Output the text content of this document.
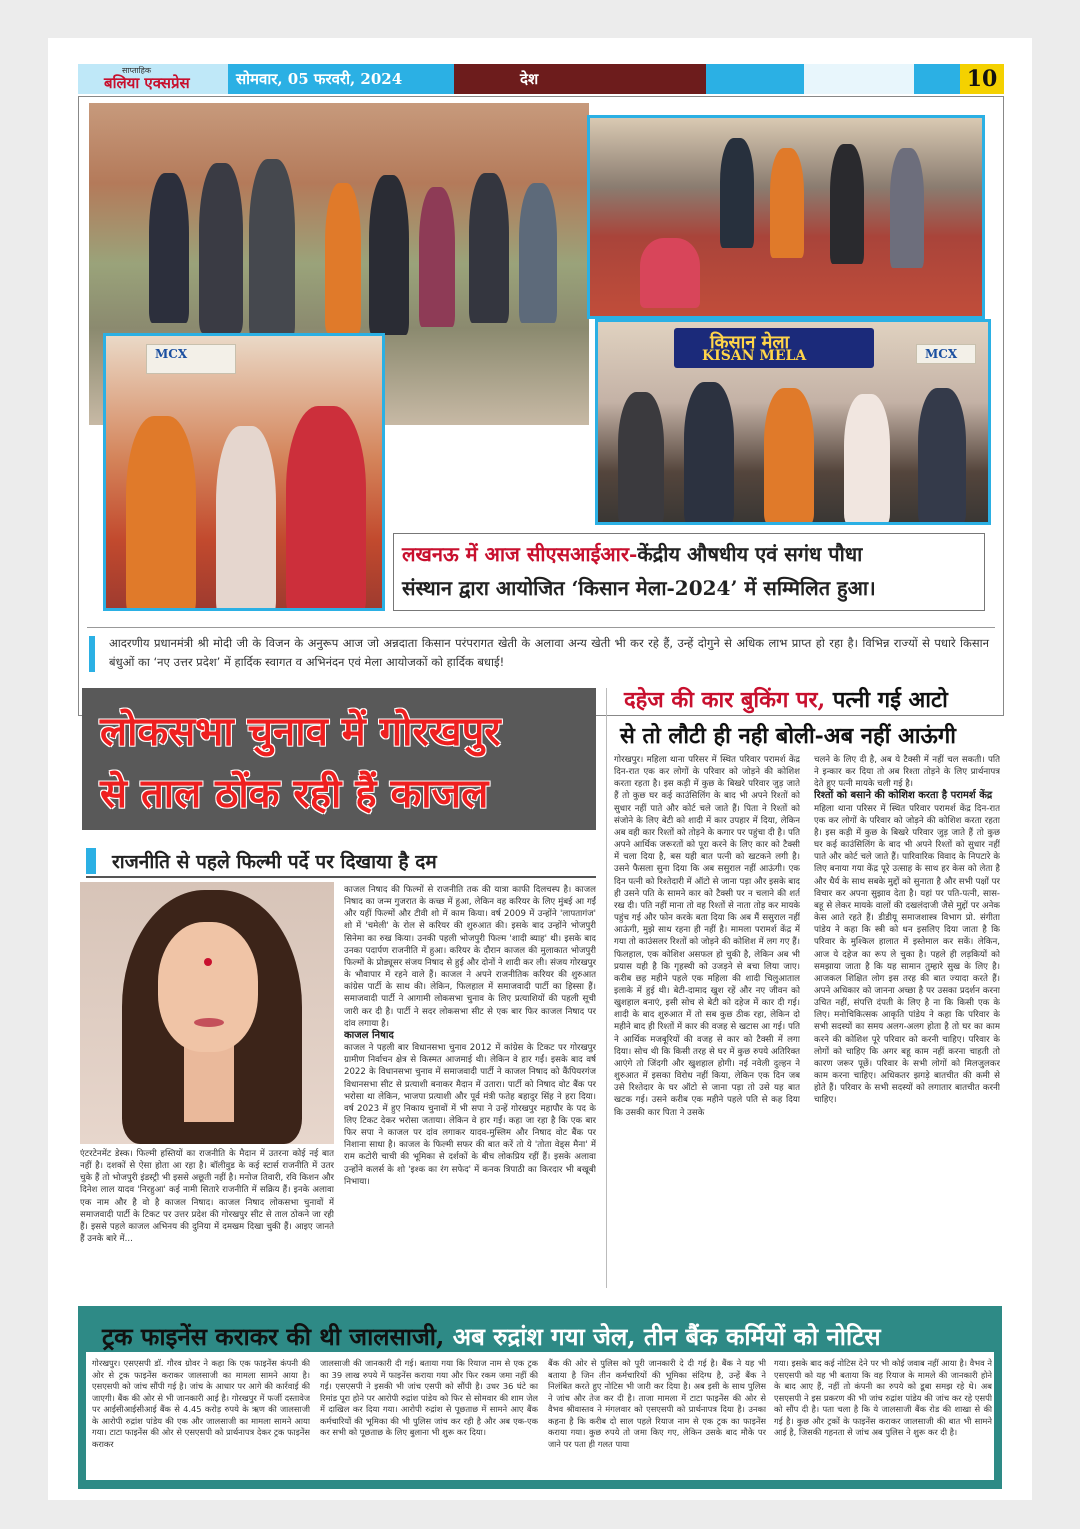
साप्ताहिक
बलिया एक्सप्रेस	सोमवार, 05 फरवरी, 2024	देश	10
किसान मेला
KISAN MELA	MCX
MCX
लखनऊ में आज सीएसआईआर-केंद्रीय औषधीय एवं सगंध पौधा
संस्थान द्वारा आयोजित ‘किसान मेला-2024’ में सम्मिलित हुआ।
आदरणीय प्रधानमंत्री श्री मोदी जी के विजन के अनुरूप आज जो अन्नदाता किसान परंपरागत खेती के अलावा अन्य खेती भी कर रहे हैं, उन्हें दोगुने से अधिक लाभ प्राप्त हो रहा है। विभिन्न राज्यों से पधारे किसान बंधुओं का ‘नए उत्तर प्रदेश’ में हार्दिक स्वागत व अभिनंदन एवं मेला आयोजकों को हार्दिक बधाई!
लोकसभा चुनाव में गोरखपुर
से ताल ठोंक रही हैं काजल
राजनीति से पहले फिल्मी पर्दे पर दिखाया है दम
एंटरटेनमेंट डेस्क। फिल्मी हस्तियों का राजनीति के मैदान में उतरना कोई नई बात नहीं है। दशकों से ऐसा होता आ रहा है। बॉलीवुड के कई स्टार्स राजनीति में उतर चुके हैं तो भोजपुरी इंडस्ट्री भी इससे अछूती नहीं है। मनोज तिवारी, रवि किशन और दिनेश लाल यादव 'निरहुआ' कई नामी सितारे राजनीति में सक्रिय हैं। इनके अलावा एक नाम और है वो है काजल निषाद। काजल निषाद लोकसभा चुनावों में समाजवादी पार्टी के टिकट पर उत्तर प्रदेश की गोरखपुर सीट से ताल ठोकने जा रही हैं। इससे पहले काजल अभिनय की दुनिया में दमखम दिखा चुकी हैं। आइए जानते हैं उनके बारे में...
काजल निषाद की फिल्मों से राजनीति तक की यात्रा काफी दिलचस्प है। काजल निषाद का जन्म गुजरात के कच्छ में हुआ, लेकिन वह करियर के लिए मुंबई आ गईं और यहीं फिल्मों और टीवी शो में काम किया। वर्ष 2009 में उन्होंने 'लापतागंज' शो में 'चमेली' के रोल से करियर की शुरुआत की। इसके बाद उन्होंने भोजपुरी सिनेमा का रुख किया। उनकी पहली भोजपुरी फिल्म 'शादी ब्याह' थी। इसके बाद उनका पदार्पण राजनीति में हुआ। करियर के दौरान काजल की मुलाकात भोजपुरी फिल्मों के प्रोड्यूसर संजय निषाद से हुई और दोनों ने शादी कर ली। संजय गोरखपुर के भौवापार में रहने वाले हैं। काजल ने अपने राजनीतिक करियर की शुरुआत कांग्रेस पार्टी के साथ की। लेकिन, फिलहाल में समाजवादी पार्टी का हिस्सा हैं। समाजवादी पार्टी ने आगामी लोकसभा चुनाव के लिए प्रत्याशियों की पहली सूची जारी कर दी है। पार्टी ने सदर लोकसभा सीट से एक बार फिर काजल निषाद पर दांव लगाया है।
काजल निषाद
काजल ने पहली बार विधानसभा चुनाव 2012 में कांग्रेस के टिकट पर गोरखपुर ग्रामीण निर्वाचन क्षेत्र से किस्मत आजमाई थी। लेकिन वे हार गईं। इसके बाद वर्ष 2022 के विधानसभा चुनाव में समाजवादी पार्टी ने काजल निषाद को कैंपियरगंज विधानसभा सीट से प्रत्याशी बनाकर मैदान में उतारा। पार्टी को निषाद वोट बैंक पर भरोसा था लेकिन, भाजपा प्रत्याशी और पूर्व मंत्री फतेह बहादुर सिंह ने हरा दिया। वर्ष 2023 में हुए निकाय चुनावों में भी सपा ने उन्हें गोरखपुर महापौर के पद के लिए टिकट देकर भरोसा जताया। लेकिन वे हार गईं। कहा जा रहा है कि एक बार फिर सपा ने काजल पर दांव लगाकर यादव-मुस्लिम और निषाद वोट बैंक पर निशाना साधा है। काजल के फिल्मी सफर की बात करें तो ये 'तोता वेड्स मैना' में राम कटोरी चाची की भूमिका से दर्शकों के बीच लोकप्रिय रहीं हैं। इसके अलावा उन्होंने कलर्स के शो 'इश्क का रंग सफेद' में कनक त्रिपाठी का किरदार भी बखूबी निभाया।
दहेज की कार बुकिंग पर, पत्नी गई आटो
से तो लौटी ही नही बोली-अब नहीं आऊंगी
गोरखपुर। महिला थाना परिसर में स्थित परिवार परामर्श केंद्र दिन-रात एक कर लोगों के परिवार को जोड़ने की कोशिश करता रहता है। इस कड़ी में कुछ के बिखरे परिवार जुड़ जाते हैं तो कुछ घर कई काउंसिलिंग के बाद भी अपने रिश्तों को सुधार नहीं पाते और कोर्ट चले जाते हैं। पिता ने रिश्तों को संजोने के लिए बेटी को शादी में कार उपहार में दिया, लेकिन अब वही कार रिश्तों को तोड़ने के कगार पर पहुंचा दी है। पति अपने आर्थिक जरूरतों को पूरा करने के लिए कार को टैक्सी में चला दिया है, बस यही बात पत्नी को खटकने लगी है। उसने फैसला सुना दिया कि अब ससुराल नहीं आऊंगी। एक दिन पत्नी को रिश्तेदारी में ऑटो से जाना पड़ा और इसके बाद ही उसने पति के सामने कार को टैक्सी पर न चलाने की शर्त रख दी। पति नहीं माना तो वह रिश्तों से नाता तोड़ कर मायके पहुंच गई और फोन करके बता दिया कि अब मैं ससुराल नहीं आऊंगी, मुझे साथ रहना ही नहीं है। मामला परामर्श केंद्र में गया तो काउंसलर रिश्तों को जोड़ने की कोशिश में लग गए हैं। फिलहाल, एक कोशिश असफल हो चुकी है, लेकिन अब भी प्रयास यही है कि गृहस्थी को उजड़ने से बचा लिया जाए। करीब छह महीने पहले एक महिला की शादी चिलुआताल इलाके में हुई थी। बेटी-दामाद खुश रहें और नए जीवन को खुशहाल बनाएं, इसी सोच से बेटी को दहेज में कार दी गई। शादी के बाद शुरुआत में तो सब कुछ ठीक रहा, लेकिन दो महीने बाद ही रिश्तों में कार की वजह से खटास आ गई। पति ने आर्थिक मजबूरियों की वजह से कार को टैक्सी में लगा दिया। सोच थी कि किसी तरह से घर में कुछ रुपये अतिरिक्त आएंगे तो जिंदगी और खुशहाल होगी। नई नवेली दुल्हन ने शुरुआत में इसका विरोध नहीं किया, लेकिन एक दिन जब उसे रिश्तेदार के घर ऑटो से जाना पड़ा तो उसे यह बात खटक गई। उसने करीब एक महीने पहले पति से कह दिया कि उसकी कार पिता ने उसके
चलने के लिए दी है, अब ये टैक्सी में नहीं चल सकती। पति ने इन्कार कर दिया तो अब रिश्ता तोड़ने के लिए प्रार्थनापत्र देते हुए पत्नी मायके चली गई है।
रिश्तों को बसाने की कोशिश करता है परामर्श केंद्र
महिला थाना परिसर में स्थित परिवार परामर्श केंद्र दिन-रात एक कर लोगों के परिवार को जोड़ने की कोशिश करता रहता है। इस कड़ी में कुछ के बिखरे परिवार जुड़ जाते हैं तो कुछ घर कई काउंसिलिंग के बाद भी अपने रिश्तों को सुधार नहीं पाते और कोर्ट चले जाते हैं। पारिवारिक विवाद के निपटारे के लिए बनाया गया केंद्र पूरे उत्साह के साथ हर केस को लेता है और धैर्य के साथ सबके मुद्दों को सुनाता है और सभी पक्षों पर विचार कर अपना सुझाव देता है। यहां पर पति-पत्नी, सास-बहू से लेकर मायके वालों की दखलंदाजी जैसे मुद्दों पर अनेक केस आते रहते हैं। डीडीयू समाजशास्त्र विभाग प्रो. संगीता पांडेय ने कहा कि स्त्री को धन इसलिए दिया जाता है कि परिवार के मुश्किल हालात में इस्तेमाल कर सकें। लेकिन, आज ये दहेज का रूप ले चुका है। पहले ही लड़कियों को समझाया जाता है कि यह सामान तुम्हारे सुख के लिए है। आजकल शिक्षित लोग इस तरह की बात ज्यादा करते हैं। अपने अधिकार को जानना अच्छा है पर उसका प्रदर्शन करना उचित नहीं, संपत्ति दंपती के लिए है ना कि किसी एक के लिए। मनोचिकित्सक आकृति पांडेय ने कहा कि परिवार के सभी सदस्यों का समय अलग-अलग होता है तो घर का काम करने की कोशिश पूरे परिवार को करनी चाहिए। परिवार के लोगों को चाहिए कि अगर बहू काम नहीं करना चाहती तो कारण जरूर पूछें। परिवार के सभी लोगों को मिलजुलकर काम करना चाहिए। अधिकतर झगड़े बातचीत की कमी से होते हैं। परिवार के सभी सदस्यों को लगातार बातचीत करनी चाहिए।
ट्रक फाइनेंस कराकर की थी जालसाजी, अब रुद्रांश गया जेल, तीन बैंक कर्मियों को नोटिस
गोरखपुर। एसएसपी डॉ. गौरव ग्रोवर ने कहा कि एक फाइनेंस कंपनी की ओर से ट्रक फाइनेंस कराकर जालसाजी का मामला सामने आया है। एसएसपी को जांच सौंपी गई है। जांच के आधार पर आगे की कार्रवाई की जाएगी। बैंक की ओर से भी जानकारी आई है। गोरखपुर में फर्जी दस्तावेज पर आईसीआईसीआई बैंक से 4.45 करोड़ रुपये के ऋण की जालसाजी के आरोपी रुद्रांश पांडेय की एक और जालसाजी का मामला सामने आया गया। टाटा फाइनेंस की ओर से एसएसपी को प्रार्थनापत्र देकर ट्रक फाइनेंस कराकर
जालसाजी की जानकारी दी गई। बताया गया कि रियाज नाम से एक ट्रक का 39 लाख रुपये में फाइनेंस कराया गया और फिर रकम जमा नहीं की गई। एसएसपी ने इसकी भी जांच एसपी को सौंपी है। उधर 36 घंटे का रिमांड पूरा होने पर आरोपी रुद्रांश पांडेय को फिर से सोमवार की शाम जेल में दाखिल कर दिया गया। आरोपी रुद्रांश से पूछताछ में सामने आए बैंक कर्मचारियों की भूमिका की भी पुलिस जांच कर रही है और अब एक-एक कर सभी को पूछताछ के लिए बुलाना भी शुरू कर दिया।
बैंक की ओर से पुलिस को पूरी जानकारी दे दी गई है। बैंक ने यह भी बताया है जिन तीन कर्मचारियों की भूमिका संदिग्ध है, उन्हें बैंक ने निलंबित करते हुए नोटिस भी जारी कर दिया है। अब इसी के साथ पुलिस ने जांच और तेज कर दी है। ताजा मामला में टाटा फाइनेंस की ओर से वैभव श्रीवास्तव ने मंगलवार को एसएसपी को प्रार्थनापत्र दिया है। उनका कहना है कि करीब दो साल पहले रियाज नाम से एक ट्रक का फाइनेंस कराया गया। कुछ रुपये तो जमा किए गए, लेकिन उसके बाद मौके पर जाने पर पता ही गलत पाया
गया। इसके बाद कई नोटिस देने पर भी कोई जवाब नहीं आया है। वैभव ने एसएसपी को यह भी बताया कि वह रियाज के मामले की जानकारी होने के बाद आए हैं, नहीं तो कंपनी का रुपये को डूबा समझ रहे थे। अब एसएसपी ने इस प्रकरण की भी जांच रुद्रांश पांडेय की जांच कर रहे एसपी को सौंप दी है। पता चला है कि ये जालसाजी बैंक रोड की शाखा से की गई है। कुछ और ट्रकों के फाइनेंस कराकर जालसाजी की बात भी सामने आई है, जिसकी गहनता से जांच अब पुलिस ने शुरू कर दी है।
